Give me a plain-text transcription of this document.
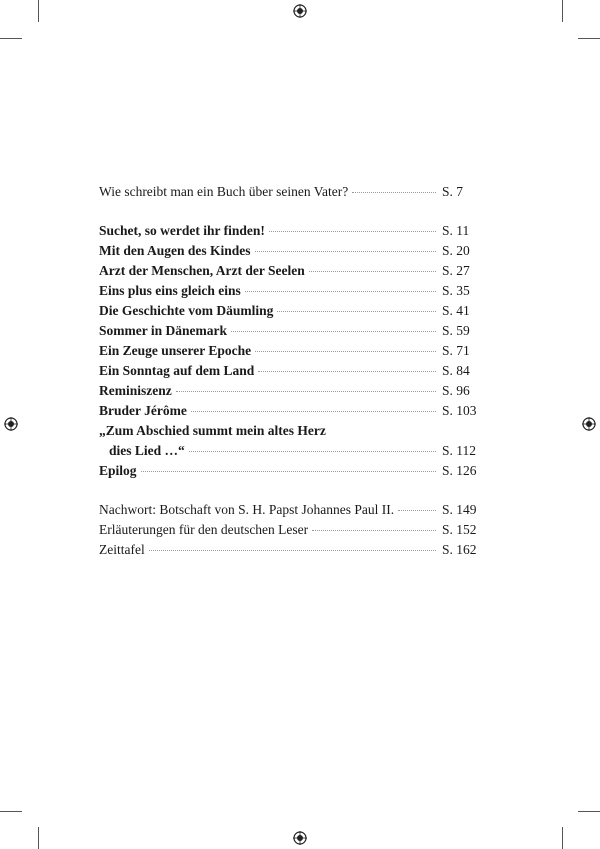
Wie schreibt man ein Buch über seinen Vater?	S. 7
Suchet, so werdet ihr finden!	S. 11
Mit den Augen des Kindes	S. 20
Arzt der Menschen, Arzt der Seelen	S. 27
Eins plus eins gleich eins	S. 35
Die Geschichte vom Däumling	S. 41
Sommer in Dänemark	S. 59
Ein Zeuge unserer Epoche	S. 71
Ein Sonntag auf dem Land	S. 84
Reminiszenz	S. 96
Bruder Jérôme	S. 103
„Zum Abschied summt mein altes Herz
dies Lied …“	S. 112
Epilog	S. 126
Nachwort: Botschaft von S. H. Papst Johannes Paul II.	S. 149
Erläuterungen für den deutschen Leser	S. 152
Zeittafel	S. 162
